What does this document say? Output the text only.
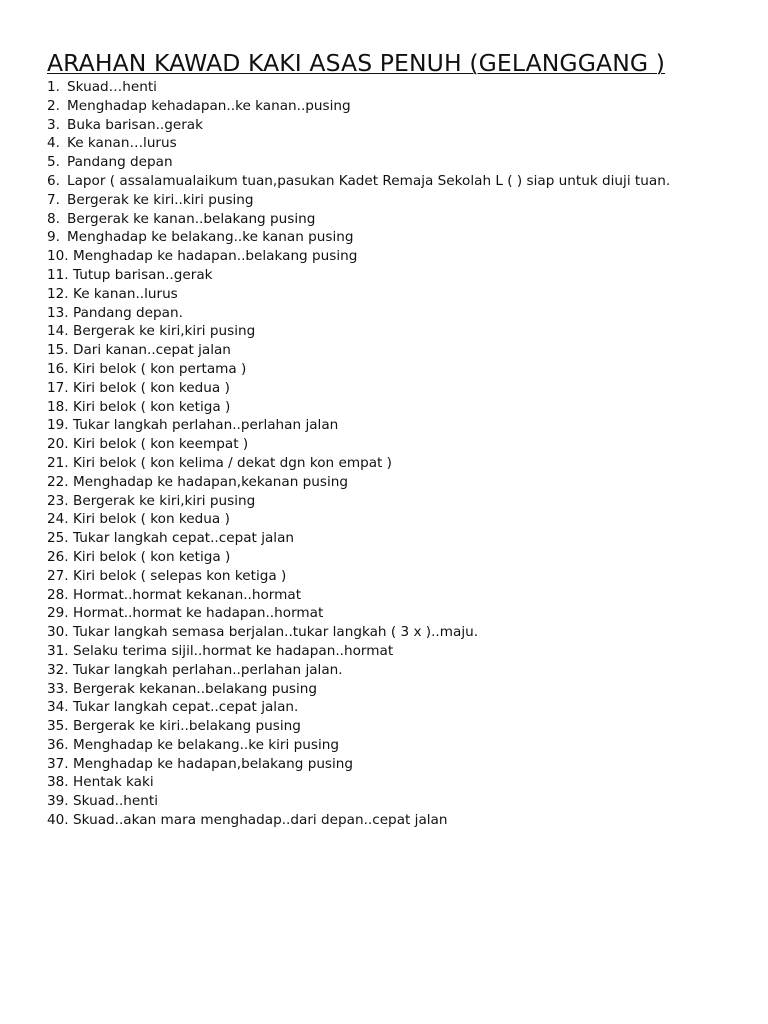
ARAHAN KAWAD KAKI ASAS PENUH (GELANGGANG )
1. Skuad…henti
2. Menghadap kehadapan..ke kanan..pusing
3. Buka barisan..gerak
4. Ke kanan…lurus
5. Pandang depan
6. Lapor ( assalamualaikum tuan,pasukan Kadet Remaja Sekolah L ( ) siap untuk diuji tuan.
7. Bergerak ke kiri..kiri pusing
8. Bergerak ke kanan..belakang pusing
9. Menghadap ke belakang..ke kanan pusing
10. Menghadap ke hadapan..belakang pusing
11. Tutup barisan..gerak
12. Ke kanan..lurus
13. Pandang depan.
14. Bergerak ke kiri,kiri pusing
15. Dari kanan..cepat jalan
16. Kiri belok ( kon pertama )
17. Kiri belok ( kon kedua )
18. Kiri belok ( kon ketiga )
19. Tukar langkah perlahan..perlahan jalan
20. Kiri belok ( kon keempat )
21. Kiri belok ( kon kelima / dekat dgn kon empat )
22. Menghadap ke hadapan,kekanan pusing
23. Bergerak ke kiri,kiri pusing
24. Kiri belok ( kon kedua )
25. Tukar langkah cepat..cepat jalan
26. Kiri belok ( kon ketiga )
27. Kiri belok ( selepas kon ketiga )
28. Hormat..hormat kekanan..hormat
29. Hormat..hormat ke hadapan..hormat
30. Tukar langkah semasa berjalan..tukar langkah ( 3 x )..maju.
31. Selaku terima sijil..hormat ke hadapan..hormat
32. Tukar langkah perlahan..perlahan jalan.
33. Bergerak kekanan..belakang pusing
34. Tukar langkah cepat..cepat jalan.
35. Bergerak ke kiri..belakang pusing
36. Menghadap ke belakang..ke kiri pusing
37. Menghadap ke hadapan,belakang pusing
38. Hentak kaki
39. Skuad..henti
40. Skuad..akan mara menghadap..dari depan..cepat jalan
